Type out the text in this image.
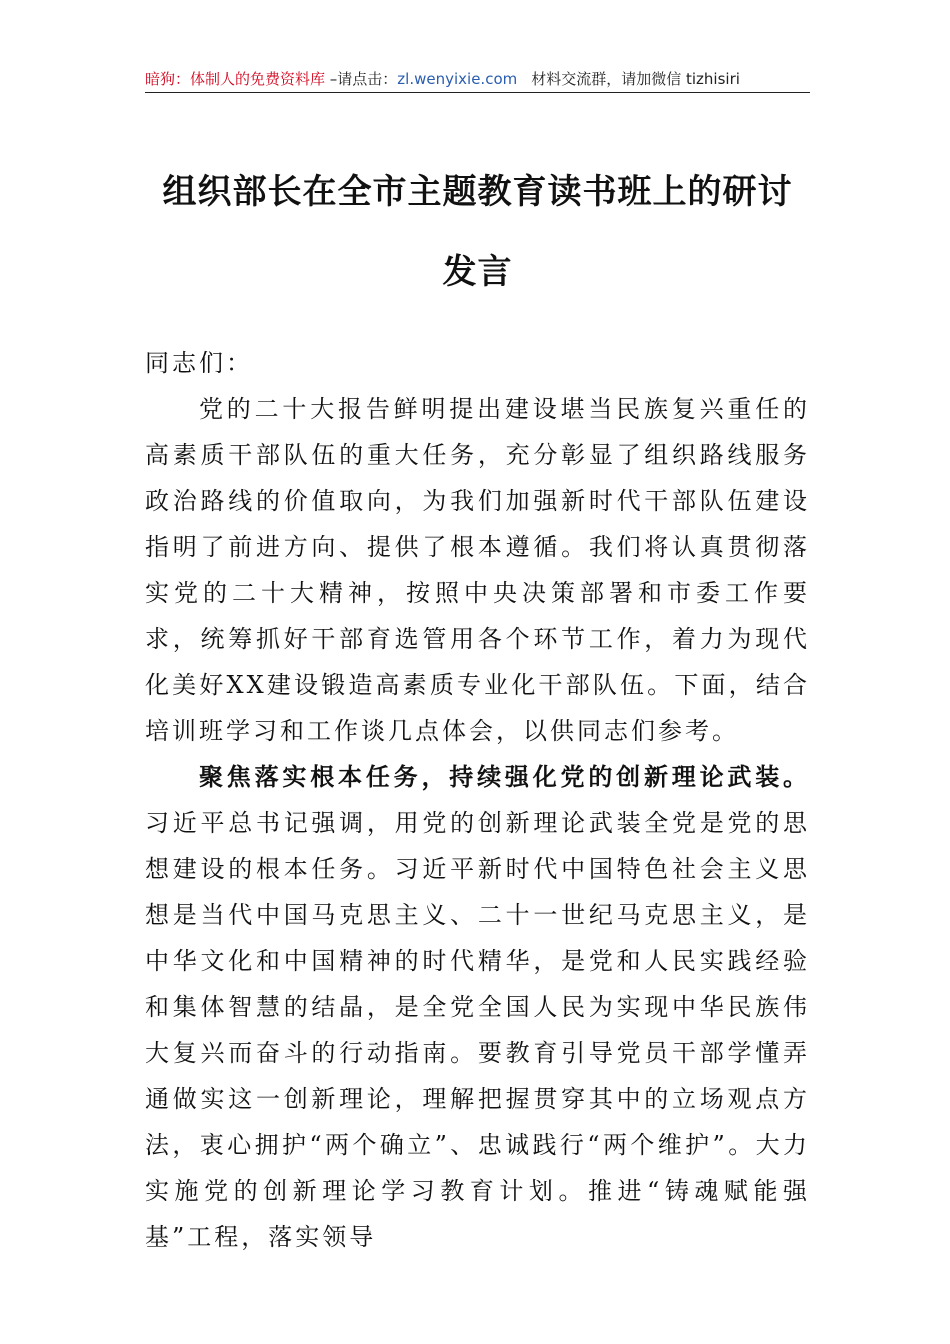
暗狗：体制人的免费资料库 –请点击：zl.wenyixie.com 材料交流群，请加微信 tizhisiri
组织部长在全市主题教育读书班上的研讨
发言

同志们：

党的二十大报告鲜明提出建设堪当民族复兴重任的高素质干部队伍的重大任务，充分彰显了组织路线服务政治路线的价值取向，为我们加强新时代干部队伍建设指明了前进方向、提供了根本遵循。我们将认真贯彻落实党的二十大精神，按照中央决策部署和市委工作要求，统筹抓好干部育选管用各个环节工作，着力为现代化美好XX建设锻造高素质专业化干部队伍。下面，结合培训班学习和工作谈几点体会，以供同志们参考。

聚焦落实根本任务，持续强化党的创新理论武装。习近平总书记强调，用党的创新理论武装全党是党的思想建设的根本任务。习近平新时代中国特色社会主义思想是当代中国马克思主义、二十一世纪马克思主义，是中华文化和中国精神的时代精华，是党和人民实践经验和集体智慧的结晶，是全党全国人民为实现中华民族伟大复兴而奋斗的行动指南。要教育引导党员干部学懂弄通做实这一创新理论，理解把握贯穿其中的立场观点方法，衷心拥护“两个确立”、忠诚践行“两个维护”。大力实施党的创新理论学习教育计划。推进“铸魂赋能强基”工程，落实领导
